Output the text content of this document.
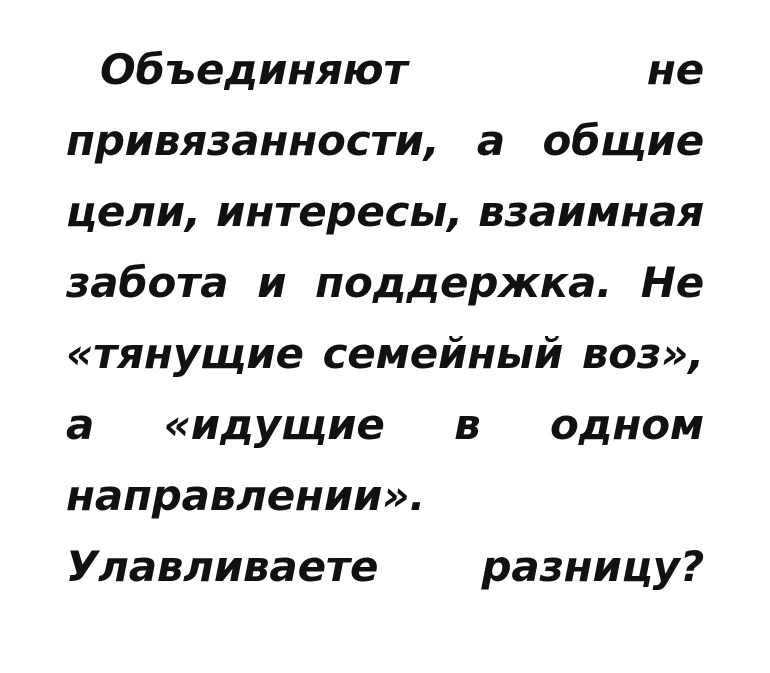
Объединяют не привязанности, а общие цели, интересы, взаимная забота и поддержка. Не «тянущие семейный воз», а «идущие в одном направлении». Улавливаете разницу?
